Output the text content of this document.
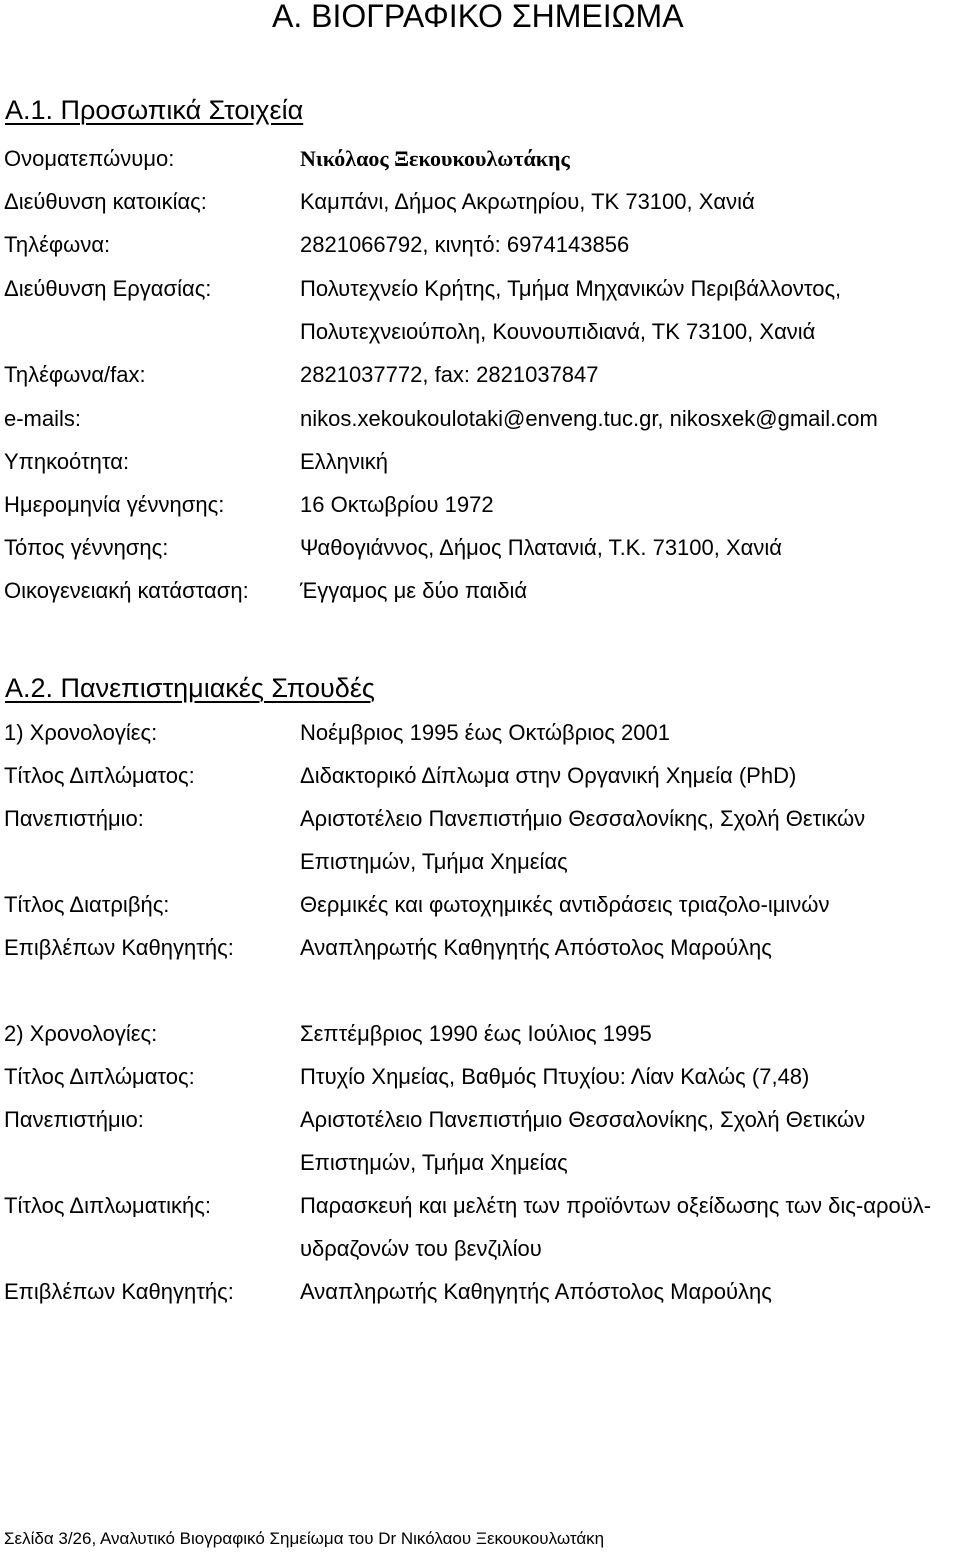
Α. ΒΙΟΓΡΑΦΙΚΟ ΣΗΜΕΙΩΜΑ
Α.1. Προσωπικά Στοιχεία
Ονοματεπώνυμο:	Νικόλαος Ξεκουκουλωτάκης
Διεύθυνση κατοικίας:	Καμπάνι, Δήμος Ακρωτηρίου, ΤΚ 73100, Χανιά
Τηλέφωνα:	2821066792, κινητό: 6974143856
Διεύθυνση Εργασίας:	Πολυτεχνείο Κρήτης, Τμήμα Μηχανικών Περιβάλλοντος,
Πολυτεχνειούπολη, Κουνουπιδιανά, ΤΚ 73100, Χανιά
Τηλέφωνα/fax:	2821037772, fax: 2821037847
e-mails:	nikos.xekoukoulotaki@enveng.tuc.gr, nikosxek@gmail.com
Υπηκοότητα:	Ελληνική
Ημερομηνία γέννησης:	16 Οκτωβρίου 1972
Τόπος γέννησης:	Ψαθογιάννος, Δήμος Πλατανιά, Τ.Κ. 73100, Χανιά
Οικογενειακή κατάσταση: Έγγαμος με δύο παιδιά
Α.2. Πανεπιστημιακές Σπουδές
1) Χρονολογίες:	Νοέμβριος 1995 έως Οκτώβριος 2001
Τίτλος Διπλώματος:	Διδακτορικό Δίπλωμα στην Οργανική Χημεία (PhD)
Πανεπιστήμιο:	Αριστοτέλειο Πανεπιστήμιο Θεσσαλονίκης, Σχολή Θετικών
Επιστημών, Τμήμα Χημείας
Τίτλος Διατριβής:	Θερμικές και φωτοχημικές αντιδράσεις τριαζολο-ιμινών
Επιβλέπων Καθηγητής:	Αναπληρωτής Καθηγητής Απόστολος Μαρούλης
2) Χρονολογίες:	Σεπτέμβριος 1990 έως Ιούλιος 1995
Τίτλος Διπλώματος:	Πτυχίο Χημείας, Βαθμός Πτυχίου: Λίαν Καλώς (7,48)
Πανεπιστήμιο:	Αριστοτέλειο Πανεπιστήμιο Θεσσαλονίκης, Σχολή Θετικών
Επιστημών, Τμήμα Χημείας
Τίτλος Διπλωματικής:	Παρασκευή και μελέτη των προϊόντων οξείδωσης των δις-αροϋλ-
υδραζονών του βενζιλίου
Επιβλέπων Καθηγητής:	Αναπληρωτής Καθηγητής Απόστολος Μαρούλης
Σελίδα 3/26, Αναλυτικό Βιογραφικό Σημείωμα του Dr Νικόλαου Ξεκουκουλωτάκη
